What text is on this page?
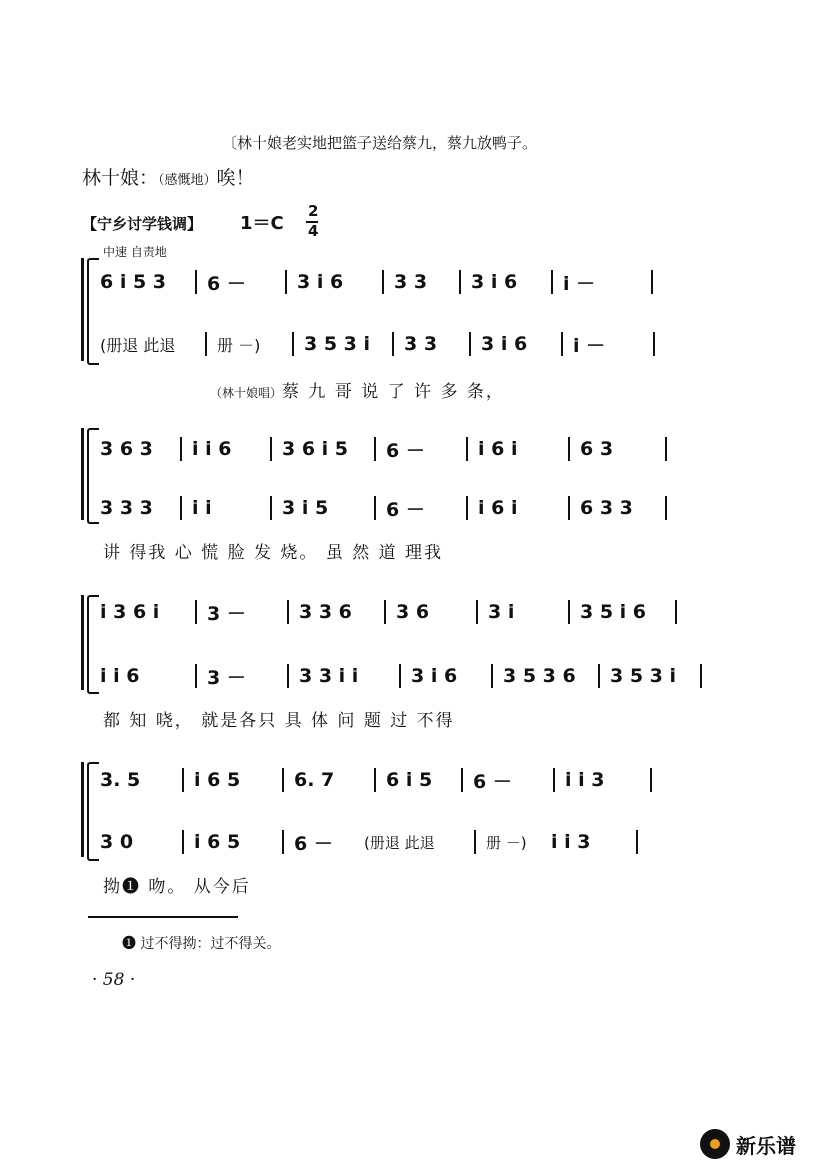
〔林十娘老实地把篮子送给蔡九，蔡九放鸭子。
林十娘：（感慨地）唉！
【宁乡讨学钱调】 1＝C
2
4
中速 自责地
6 i 5 3	6 －	3 i 6	3 3	3 i 6	i －
(册退 此退	册 －)	3 5 3 i	3 3	3 i 6	i －
（林十娘唱）蔡 九 哥 说 了 许 多 条，
3 6 3	i i 6	3 6 i 5	6 －	i 6 i	6 3
3 3 3	i i	3 i 5	6 －	i 6 i	6 3 3
讲 得我 心 慌 脸 发 烧。 虽 然 道 理我
i 3 6 i	3 －	3 3 6	3 6	3 i	3 5 i 6
i i 6	3 －	3 3 i i	3 i 6	3 5 3 6	3 5 3 i
都 知 哓， 就是各只 具 体 问 题 过 不得
3. 5	i 6 5	6. 7	6 i 5	6 －	i i 3
3 0	i 6 5	6 －	(册退 此退	册 －)	i i 3
拗❶ 吻。 从今后
❶ 过不得拗：过不得关。
· 58 ·
新乐谱
